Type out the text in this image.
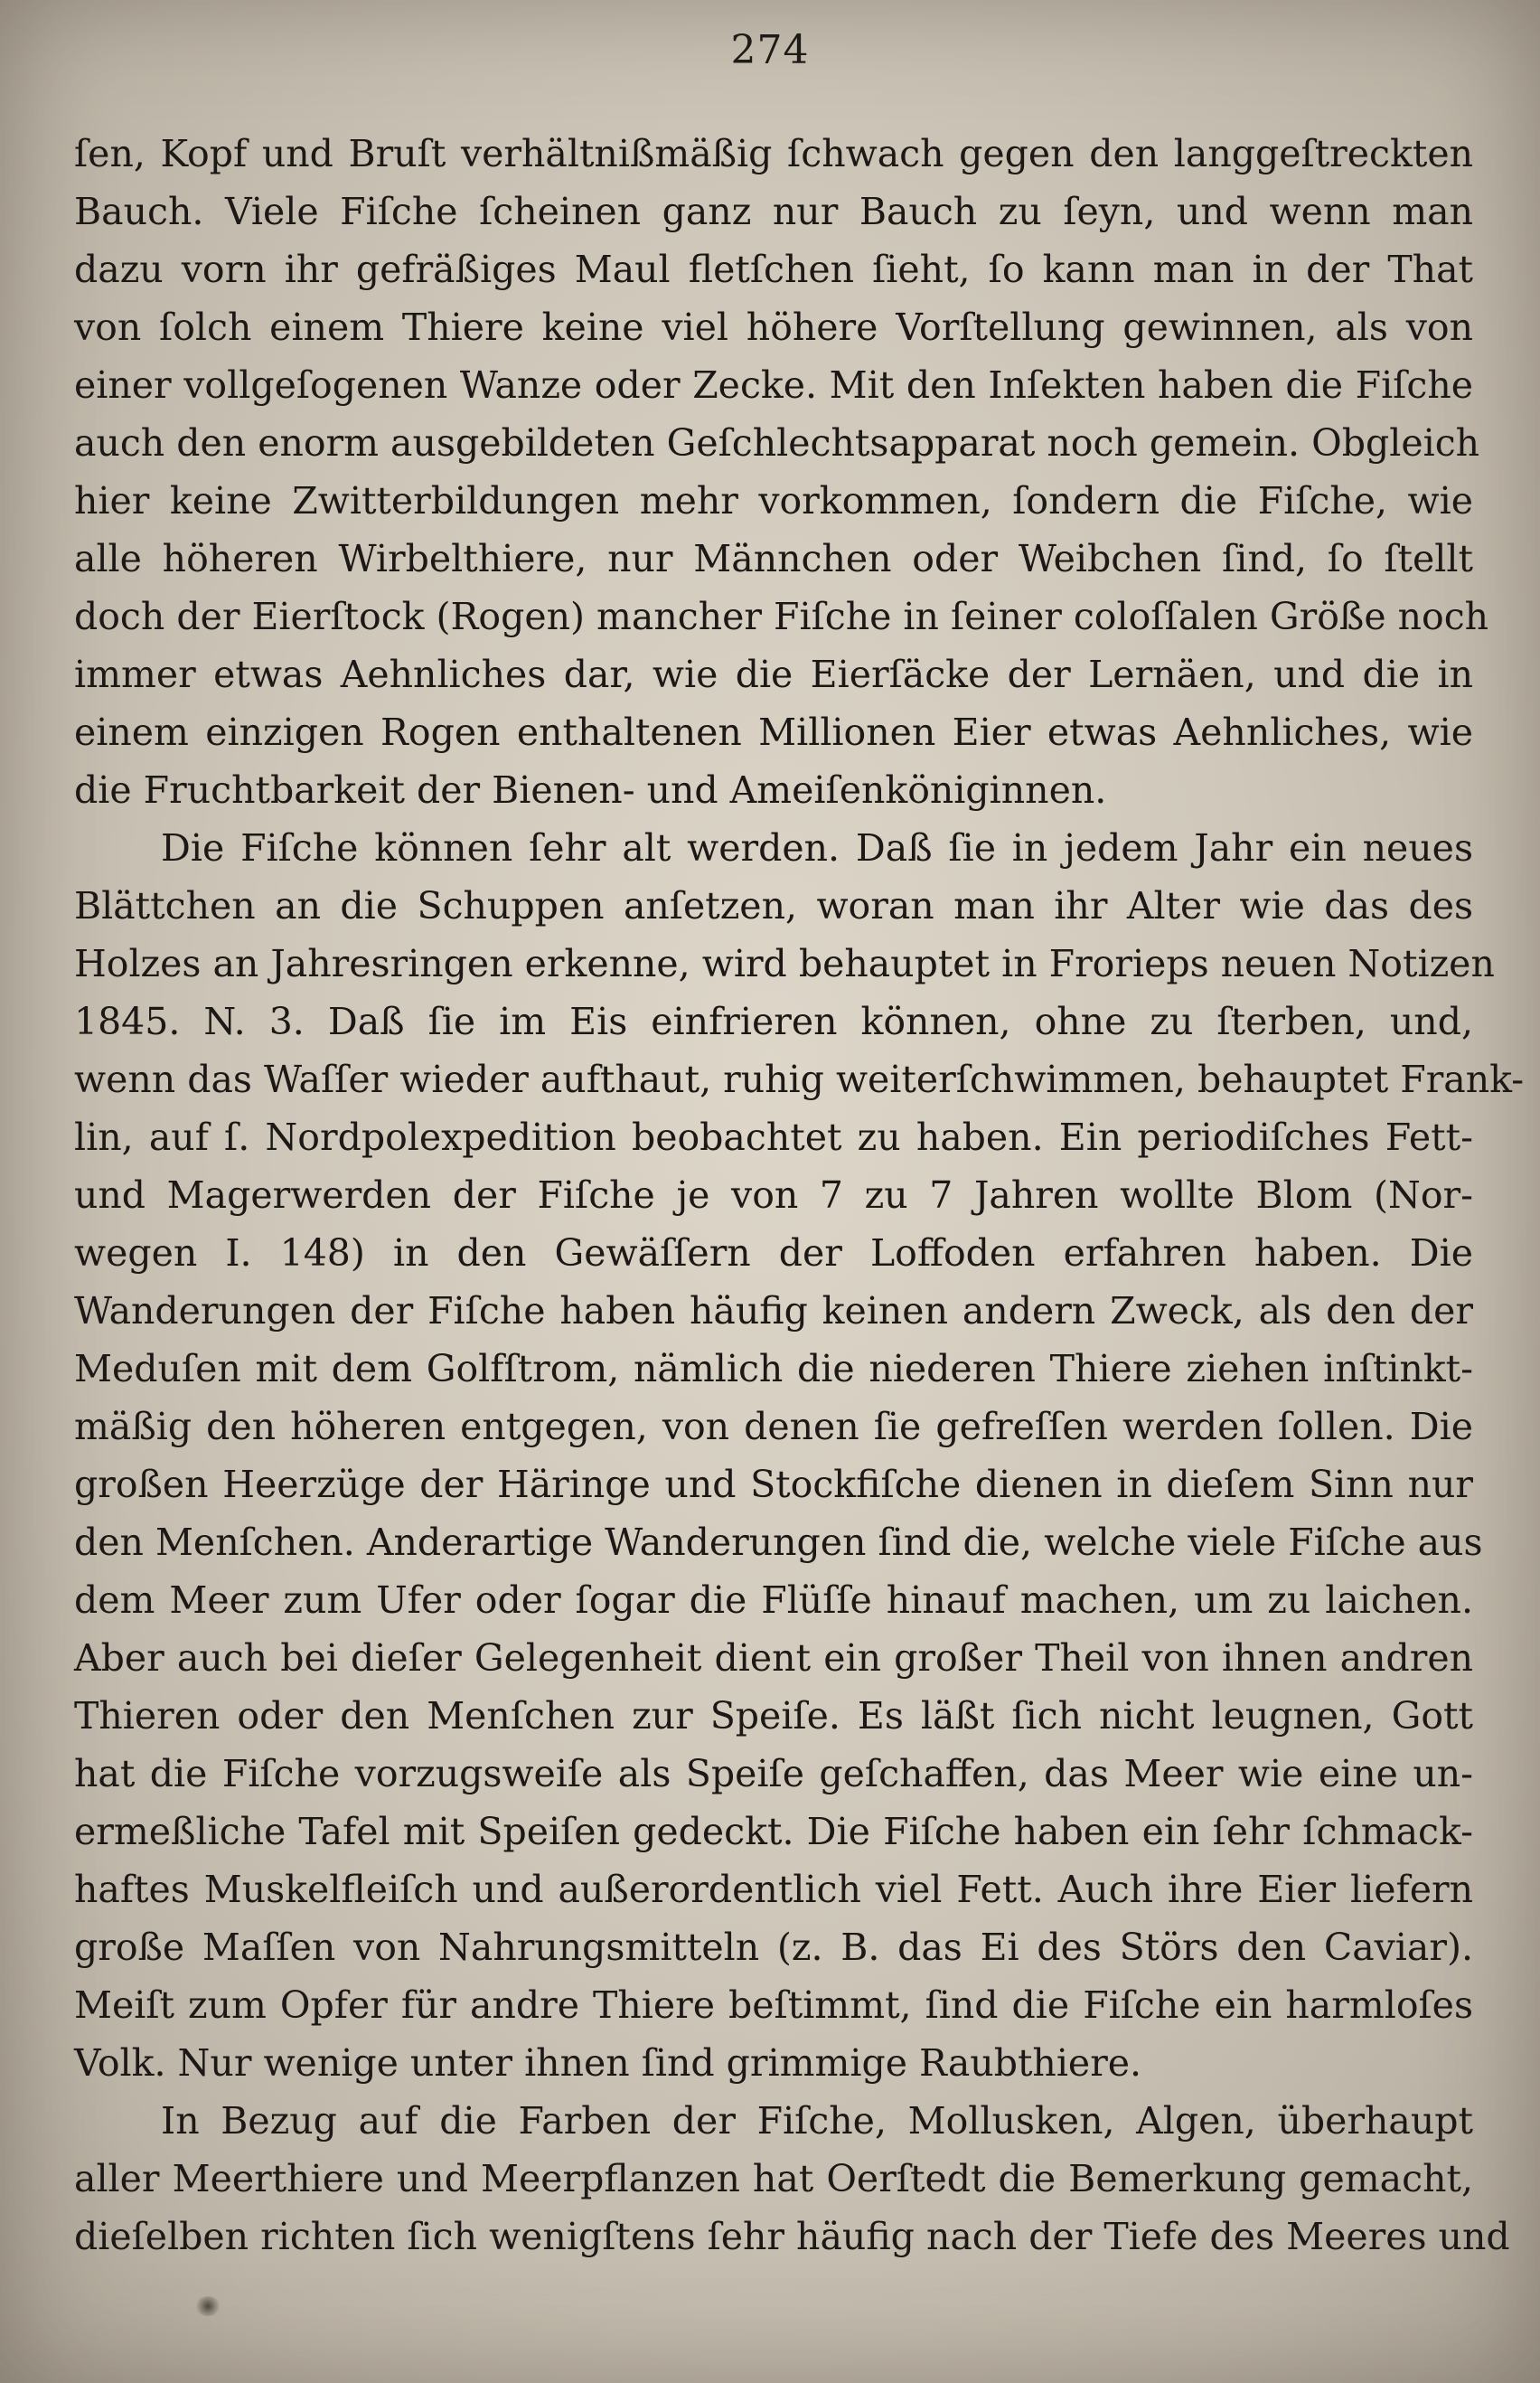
274
ſen, Kopf und Bruſt verhältnißmäßig ſchwach gegen den langgeſtreckten
Bauch. Viele Fiſche ſcheinen ganz nur Bauch zu ſeyn, und wenn man
dazu vorn ihr gefräßiges Maul fletſchen ſieht, ſo kann man in der That
von ſolch einem Thiere keine viel höhere Vorſtellung gewinnen, als von
einer vollgeſogenen Wanze oder Zecke. Mit den Inſekten haben die Fiſche
auch den enorm ausgebildeten Geſchlechtsapparat noch gemein. Obgleich
hier keine Zwitterbildungen mehr vorkommen, ſondern die Fiſche, wie
alle höheren Wirbelthiere, nur Männchen oder Weibchen ſind, ſo ſtellt
doch der Eierſtock (Rogen) mancher Fiſche in ſeiner coloſſalen Größe noch
immer etwas Aehnliches dar, wie die Eierſäcke der Lernäen, und die in
einem einzigen Rogen enthaltenen Millionen Eier etwas Aehnliches, wie
die Fruchtbarkeit der Bienen- und Ameiſenköniginnen.
Die Fiſche können ſehr alt werden. Daß ſie in jedem Jahr ein neues
Blättchen an die Schuppen anſetzen, woran man ihr Alter wie das des
Holzes an Jahresringen erkenne, wird behauptet in Frorieps neuen Notizen
1845. N. 3. Daß ſie im Eis einfrieren können, ohne zu ſterben, und,
wenn das Waſſer wieder aufthaut, ruhig weiterſchwimmen, behauptet Frank-
lin, auf ſ. Nordpolexpedition beobachtet zu haben. Ein periodiſches Fett-
und Magerwerden der Fiſche je von 7 zu 7 Jahren wollte Blom (Nor-
wegen I. 148) in den Gewäſſern der Loffoden erfahren haben. Die
Wanderungen der Fiſche haben häufig keinen andern Zweck, als den der
Meduſen mit dem Golfſtrom, nämlich die niederen Thiere ziehen inſtinkt-
mäßig den höheren entgegen, von denen ſie gefreſſen werden ſollen. Die
großen Heerzüge der Häringe und Stockfiſche dienen in dieſem Sinn nur
den Menſchen. Anderartige Wanderungen ſind die, welche viele Fiſche aus
dem Meer zum Ufer oder ſogar die Flüſſe hinauf machen, um zu laichen.
Aber auch bei dieſer Gelegenheit dient ein großer Theil von ihnen andren
Thieren oder den Menſchen zur Speiſe. Es läßt ſich nicht leugnen, Gott
hat die Fiſche vorzugsweiſe als Speiſe geſchaffen, das Meer wie eine un-
ermeßliche Tafel mit Speiſen gedeckt. Die Fiſche haben ein ſehr ſchmack-
haftes Muskelfleiſch und außerordentlich viel Fett. Auch ihre Eier liefern
große Maſſen von Nahrungsmitteln (z. B. das Ei des Störs den Caviar).
Meiſt zum Opfer für andre Thiere beſtimmt, ſind die Fiſche ein harmloſes
Volk. Nur wenige unter ihnen ſind grimmige Raubthiere.
In Bezug auf die Farben der Fiſche, Mollusken, Algen, überhaupt
aller Meerthiere und Meerpflanzen hat Oerſtedt die Bemerkung gemacht,
dieſelben richten ſich wenigſtens ſehr häufig nach der Tiefe des Meeres und
